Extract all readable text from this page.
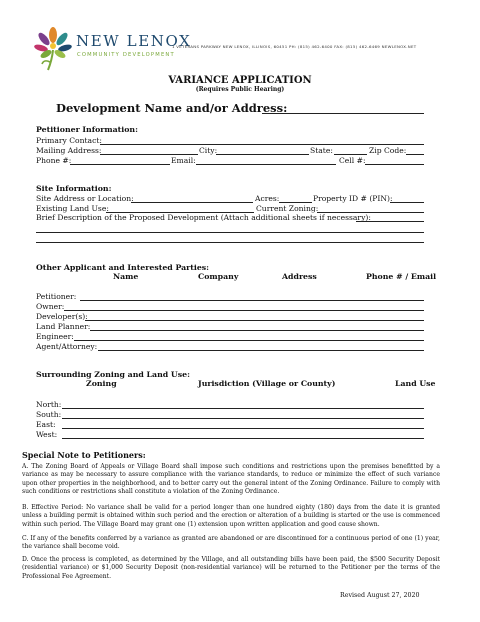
NEW LENOX
COMMUNITY DEVELOPMENT
1 VETERANS PARKWAY NEW LENOX, ILLINOIS, 60451 PH: (815) 462-6400 FAX: (815) 462-6469 NEWLENOX.NET
VARIANCE APPLICATION
(Requires Public Hearing)
Development Name and/or Address:
Petitioner Information:
Primary Contact:
Mailing Address:	City:	State:	Zip Code:
Phone #:	Email:	Cell #:
Site Information:
Site Address or Location:	Acres:	Property ID # (PIN):
Existing Land Use:	Current Zoning:
Brief Description of the Proposed Development (Attach additional sheets if necessary):
Other Applicant and Interested Parties:
Name	Company	Address	Phone # / Email
Petitioner:
Owner:
Developer(s):
Land Planner:
Engineer:
Agent/Attorney:
Surrounding Zoning and Land Use:
Zoning	Jurisdiction (Village or County)	Land Use
North:
South:
East:
West:
Special Note to Petitioners:
A. The Zoning Board of Appeals or Village Board shall impose such conditions and restrictions upon the premises benefitted by a variance as may be necessary to assure compliance with the variance standards, to reduce or minimize the effect of such variance upon other properties in the neighborhood, and to better carry out the general intent of the Zoning Ordinance. Failure to comply with such conditions or restrictions shall constitute a violation of the Zoning Ordinance.
B. Effective Period: No variance shall be valid for a period longer than one hundred eighty (180) days from the date it is granted unless a building permit is obtained within such period and the erection or alteration of a building is started or the use is commenced within such period. The Village Board may grant one (1) extension upon written application and good cause shown.
C. If any of the benefits conferred by a variance as granted are abandoned or are discontinued for a continuous period of one (1) year, the variance shall become void.
D. Once the process is completed, as determined by the Village, and all outstanding bills have been paid, the $500 Security Deposit (residential variance) or $1,000 Security Deposit (non-residential variance) will be returned to the Petitioner per the terms of the Professional Fee Agreement.
Revised August 27, 2020
